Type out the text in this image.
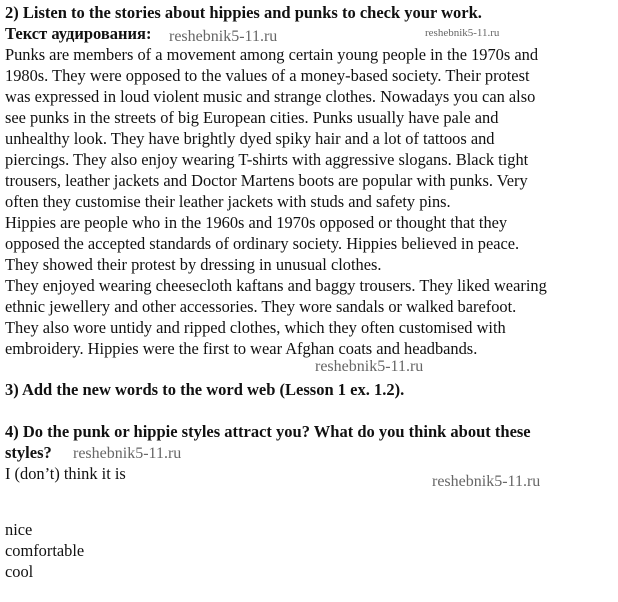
2) Listen to the stories about hippies and punks to check your work.
Текст аудирования: reshebnik5-11.ru	reshebnik5-11.ru
Punks are members of a movement among certain young people in the 1970s and
1980s. They were opposed to the values of a money-based society. Their protest
was expressed in loud violent music and strange clothes. Nowadays you can also
see punks in the streets of big European cities. Punks usually have pale and
unhealthy look. They have brightly dyed spiky hair and a lot of tattoos and
piercings. They also enjoy wearing T-shirts with aggressive slogans. Black tight
trousers, leather jackets and Doctor Martens boots are popular with punks. Very
often they customise their leather jackets with studs and safety pins.
Hippies are people who in the 1960s and 1970s opposed or thought that they
opposed the accepted standards of ordinary society. Hippies believed in peace.
They showed their protest by dressing in unusual clothes.
They enjoyed wearing cheesecloth kaftans and baggy trousers. They liked wearing
ethnic jewellery and other accessories. They wore sandals or walked barefoot.
They also wore untidy and ripped clothes, which they often customised with
embroidery. Hippies were the first to wear Afghan coats and headbands.
reshebnik5-11.ru
3) Add the new words to the word web (Lesson 1 ex. 1.2).
4) Do the punk or hippie styles attract you? What do you think about these
styles? reshebnik5-11.ru
I (don’t) think it is	reshebnik5-11.ru
nice
comfortable
cool
